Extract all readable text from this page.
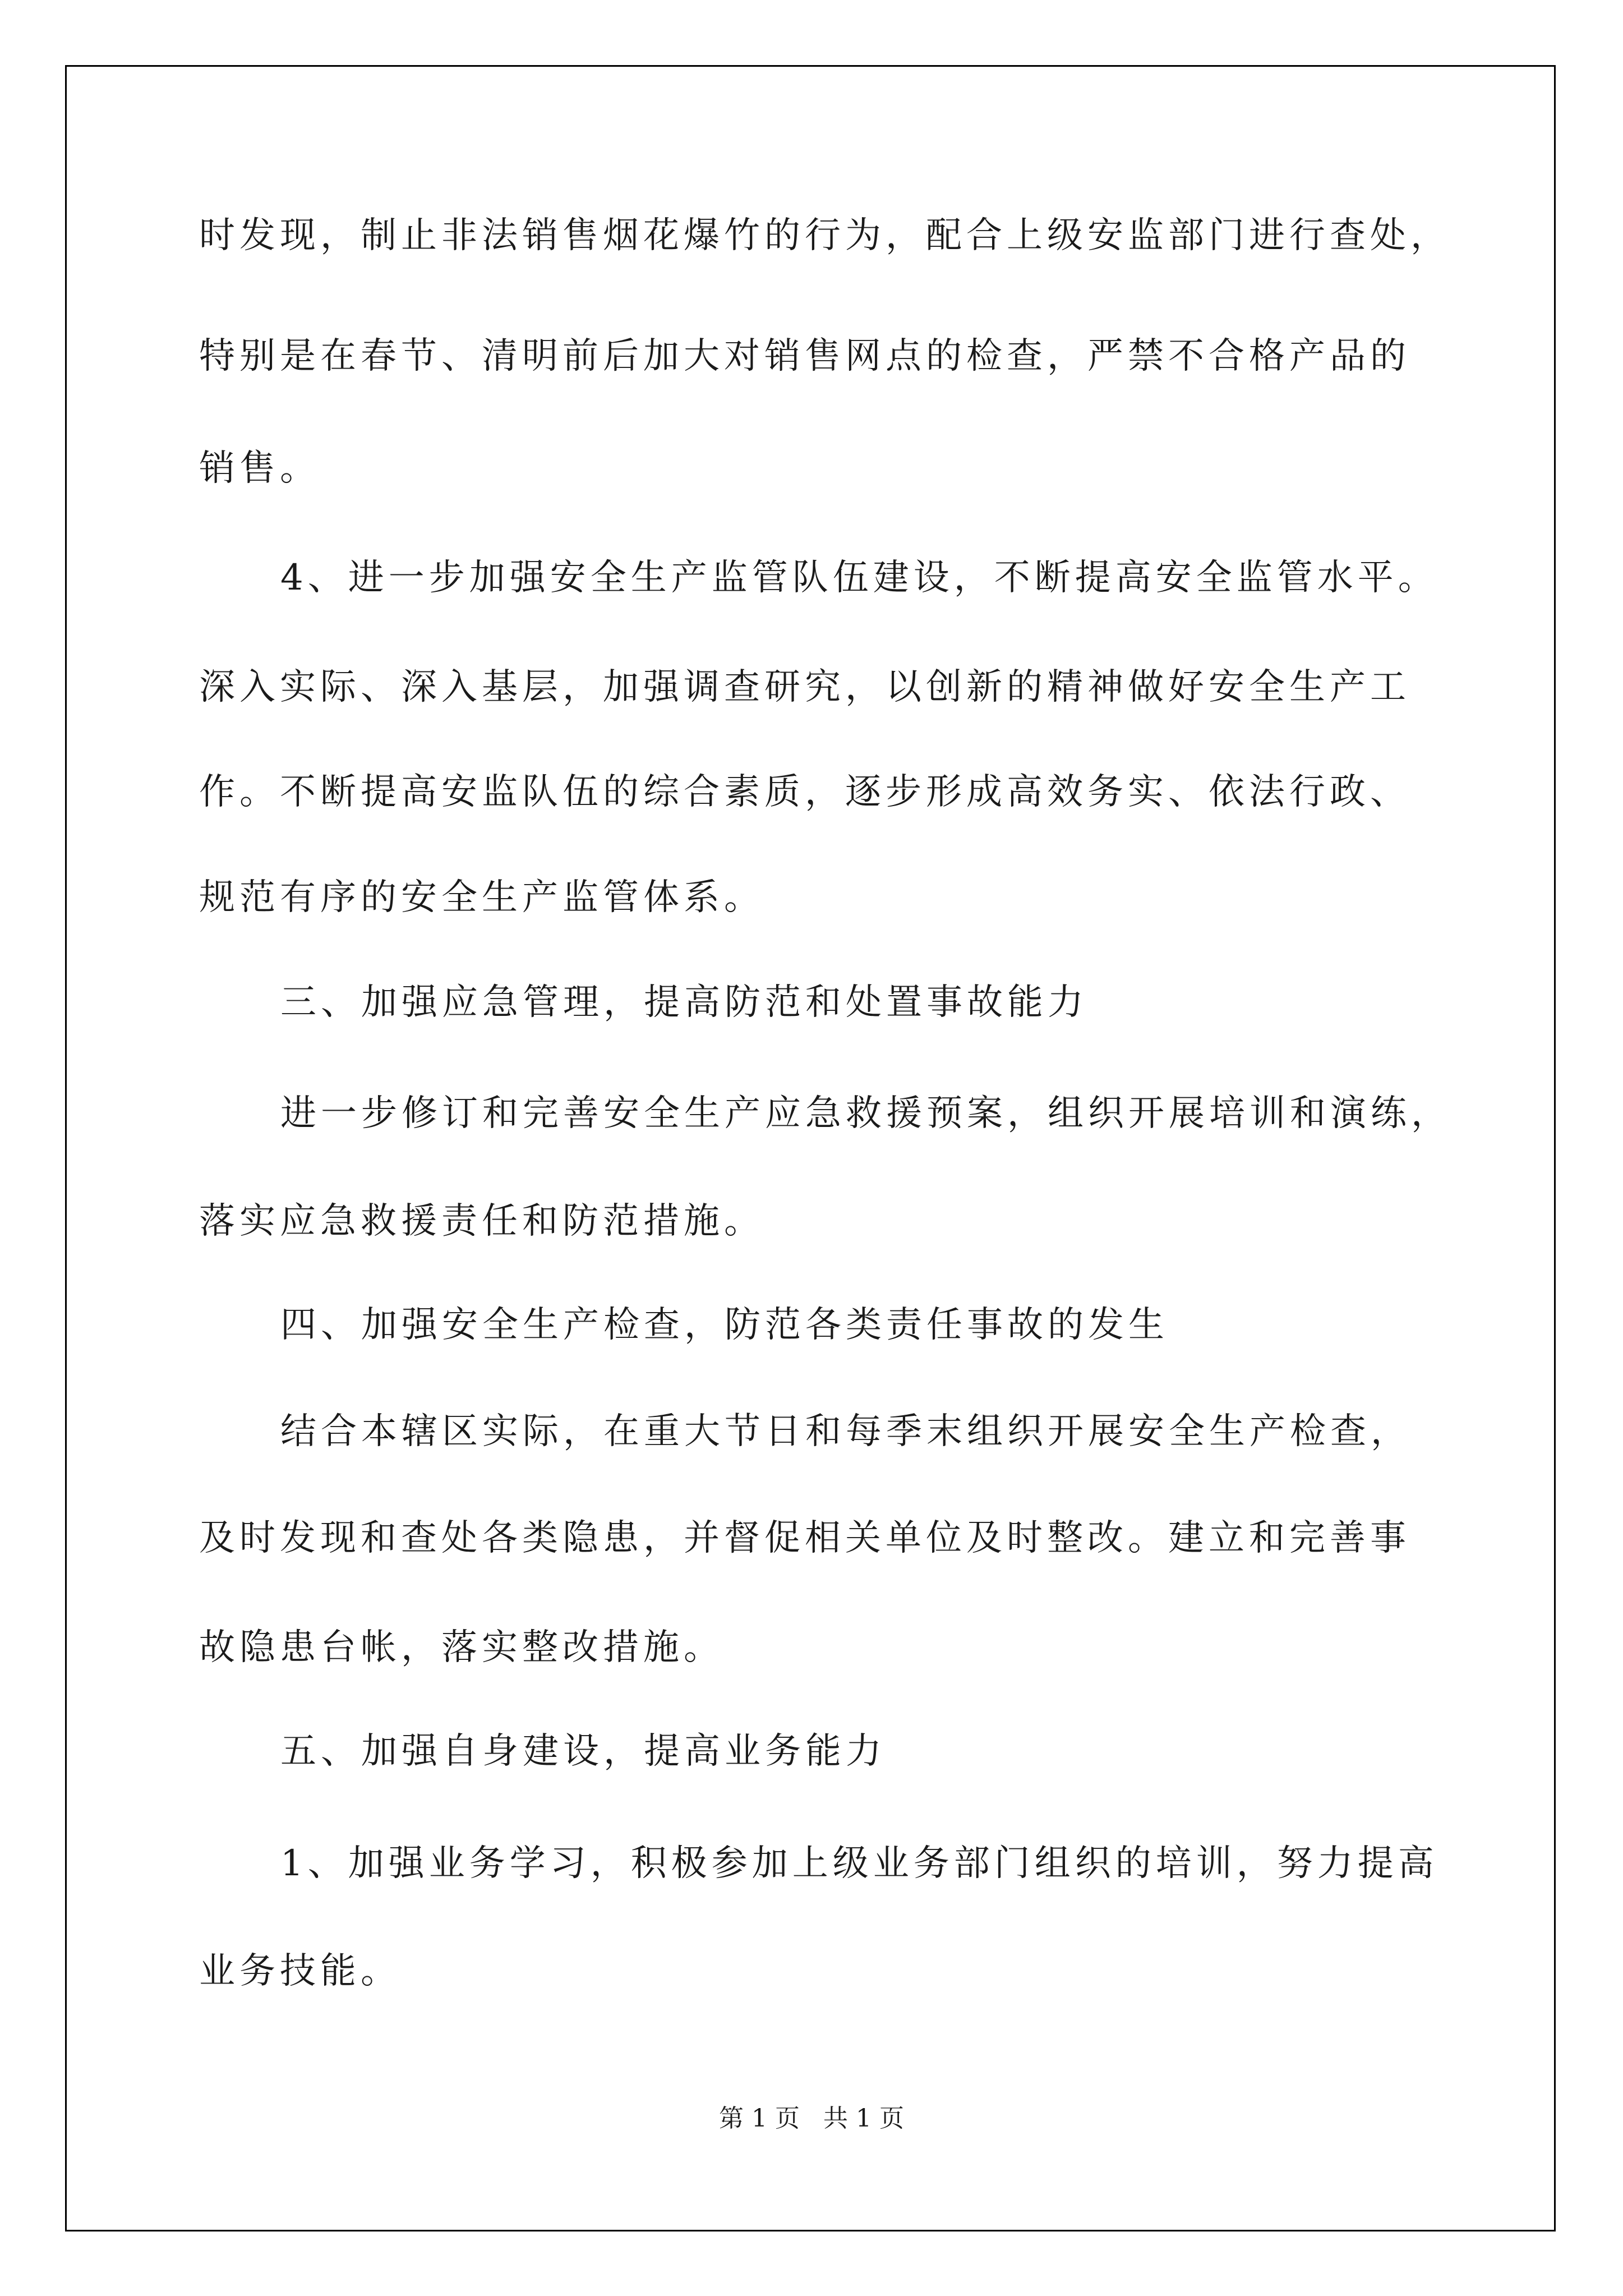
时发现，制止非法销售烟花爆竹的行为，配合上级安监部门进行查处，
特别是在春节、清明前后加大对销售网点的检查，严禁不合格产品的
销售。
4、进一步加强安全生产监管队伍建设，不断提高安全监管水平。
深入实际、深入基层，加强调查研究，以创新的精神做好安全生产工
作。不断提高安监队伍的综合素质，逐步形成高效务实、依法行政、
规范有序的安全生产监管体系。
三、加强应急管理，提高防范和处置事故能力
进一步修订和完善安全生产应急救援预案，组织开展培训和演练，
落实应急救援责任和防范措施。
四、加强安全生产检查，防范各类责任事故的发生
结合本辖区实际，在重大节日和每季末组织开展安全生产检查，
及时发现和查处各类隐患，并督促相关单位及时整改。建立和完善事
故隐患台帐，落实整改措施。
五、加强自身建设，提高业务能力
1、加强业务学习，积极参加上级业务部门组织的培训，努力提高
业务技能。
第 1 页   共 1 页
